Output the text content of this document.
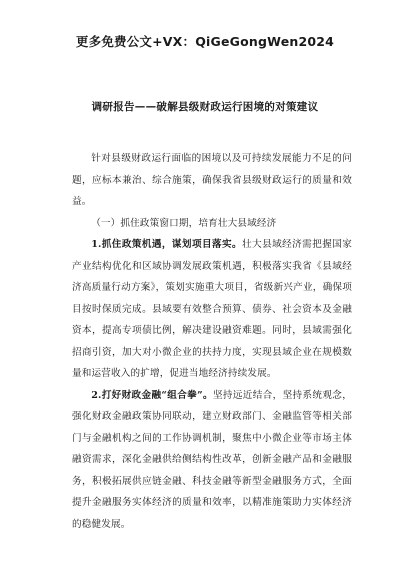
更多免费公文+VX：QiGeGongWen2024
调研报告——破解县级财政运行困境的对策建议

针对县级财政运行面临的困境以及可持续发展能力不足的问题，应标本兼治、综合施策，确保我省县级财政运行的质量和效益。

（一）抓住政策窗口期，培育壮大县域经济

1.抓住政策机遇，谋划项目落实。壮大县域经济需把握国家产业结构优化和区域协调发展政策机遇，积极落实我省《县域经济高质量行动方案》，策划实施重大项目，省级新兴产业，确保项目按时保质完成。县域要有效整合预算、债券、社会资本及金融资本，提高专项债比例，解决建设融资难题。同时，县域需强化招商引资，加大对小微企业的扶持力度，实现县域企业在规模数量和运营收入的扩增，促进当地经济持续发展。

2.打好财政金融“组合拳”。坚持远近结合，坚持系统观念，强化财政金融政策协同联动，建立财政部门、金融监管等相关部门与金融机构之间的工作协调机制，聚焦中小微企业等市场主体融资需求，深化金融供给侧结构性改革，创新金融产品和金融服务，积极拓展供应链金融、科技金融等新型金融服务方式，全面提升金融服务实体经济的质量和效率，以精准施策助力实体经济的稳健发展。
